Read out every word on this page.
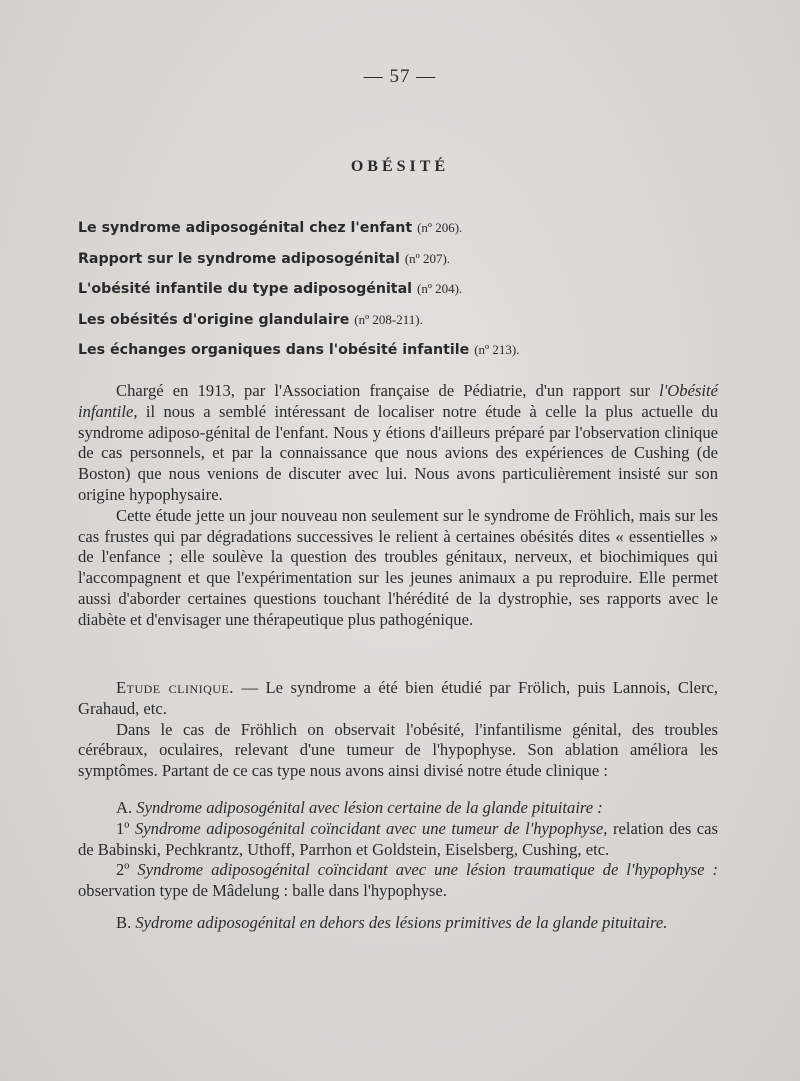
— 57 —
OBÉSITÉ
Le syndrome adiposogénital chez l'enfant (nº 206).
Rapport sur le syndrome adiposogénital (nº 207).
L'obésité infantile du type adiposogénital (nº 204).
Les obésités d'origine glandulaire (nº 208-211).
Les échanges organiques dans l'obésité infantile (nº 213).

Chargé en 1913, par l'Association française de Pédiatrie, d'un rapport sur l'Obésité infantile, il nous a semblé intéressant de localiser notre étude à celle la plus actuelle du syndrome adiposo-génital de l'enfant. Nous y étions d'ailleurs préparé par l'observation clinique de cas personnels, et par la connaissance que nous avions des expériences de Cushing (de Boston) que nous venions de discuter avec lui. Nous avons particulièrement insisté sur son origine hypophysaire.

Cette étude jette un jour nouveau non seulement sur le syndrome de Fröhlich, mais sur les cas frustes qui par dégradations successives le relient à certaines obésités dites « essentielles » de l'enfance ; elle soulève la question des troubles génitaux, nerveux, et biochimiques qui l'accompagnent et que l'expérimentation sur les jeunes animaux a pu reproduire. Elle permet aussi d'aborder certaines questions touchant l'hérédité de la dystrophie, ses rapports avec le diabète et d'envisager une thérapeutique plus pathogénique.

Etude clinique. — Le syndrome a été bien étudié par Frölich, puis Lannois, Clerc, Grahaud, etc.

Dans le cas de Fröhlich on observait l'obésité, l'infantilisme génital, des troubles cérébraux, oculaires, relevant d'une tumeur de l'hypophyse. Son ablation améliora les symptômes. Partant de ce cas type nous avons ainsi divisé notre étude clinique :

A. Syndrome adiposogénital avec lésion certaine de la glande pituitaire :

1º Syndrome adiposogénital coïncidant avec une tumeur de l'hypophyse, relation des cas de Babinski, Pechkrantz, Uthoff, Parrhon et Goldstein, Eiselsberg, Cushing, etc.

2º Syndrome adiposogénital coïncidant avec une lésion traumatique de l'hypophyse : observation type de Mâdelung : balle dans l'hypophyse.

B. Sydrome adiposogénital en dehors des lésions primitives de la glande pituitaire.
